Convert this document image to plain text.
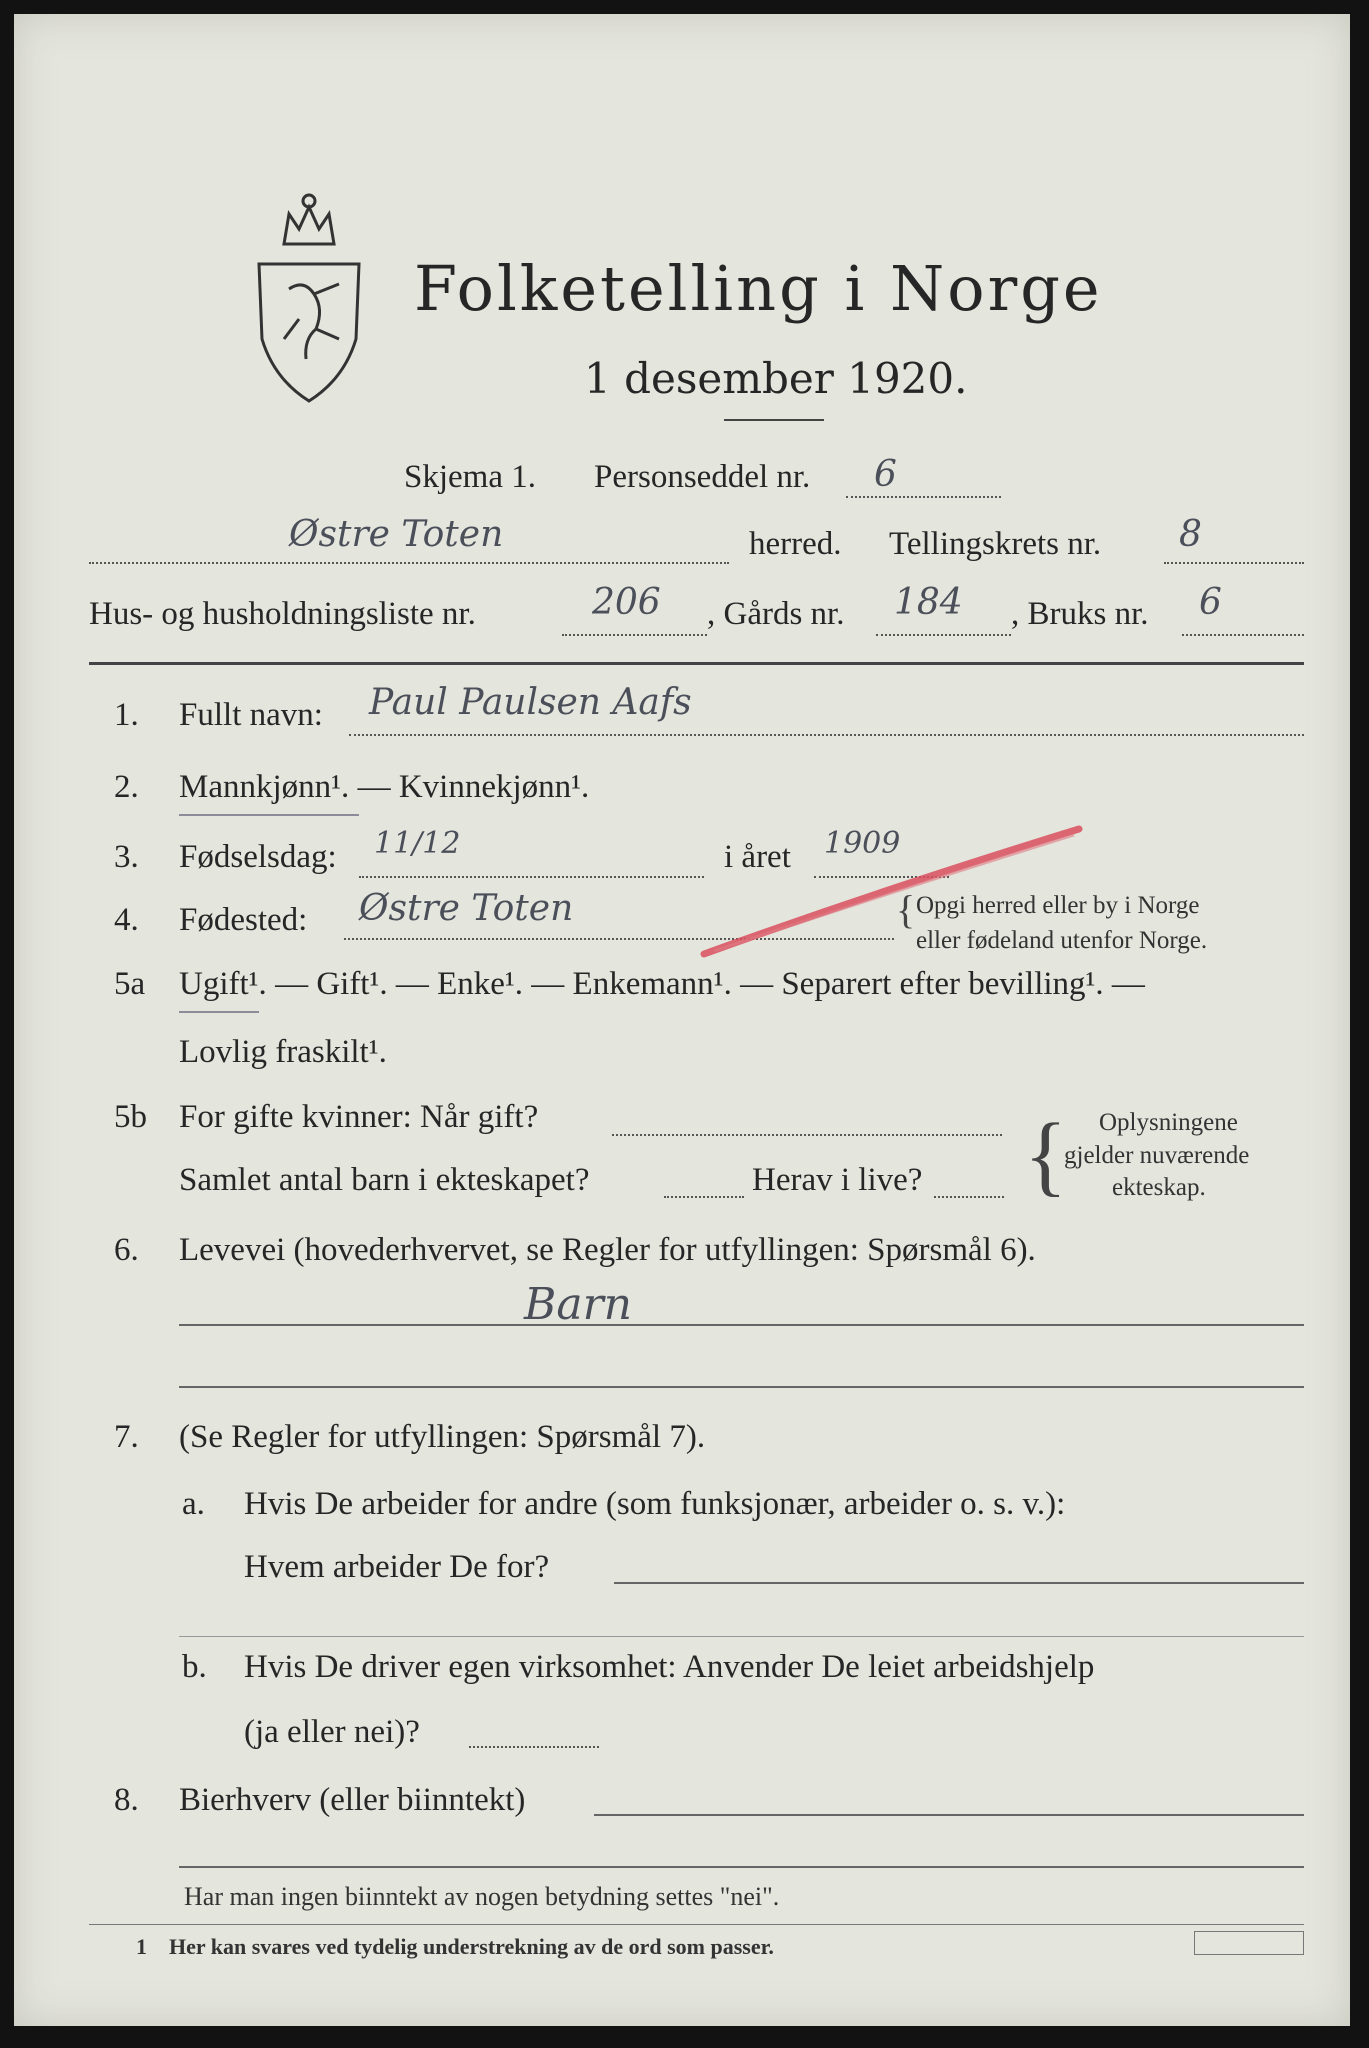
Folketelling i Norge
1 desember 1920.
Skjema 1. Personseddel nr. 6
Østre Toten	herred. Tellingskrets nr. 8
Hus- og husholdningsliste nr.	206 , Gårds nr. 184 , Bruks nr. 6
1. Fullt navn: Paul Paulsen Aafs
2. Mannkjønn¹. — Kvinnekjønn¹.
3. Fødselsdag: 11/12	i året 1909
4. Fødested: Østre Toten	{ Opgi herred eller by i Norge
eller fødeland utenfor Norge.
5a Ugift¹. — Gift¹. — Enke¹. — Enkemann¹. — Separert efter bevilling¹. —
Lovlig fraskilt¹.
5b For gifte kvinner: Når gift?
Samlet antal barn i ekteskapet?	Herav i live? { Oplysningene
gjelder nuværende
ekteskap.
6. Levevei (hovederhvervet, se Regler for utfyllingen: Spørsmål 6).
Barn
7. (Se Regler for utfyllingen: Spørsmål 7).
a. Hvis De arbeider for andre (som funksjonær, arbeider o. s. v.):
Hvem arbeider De for?
b. Hvis De driver egen virksomhet: Anvender De leiet arbeidshjelp
(ja eller nei)?
8. Bierhverv (eller biinntekt)
Har man ingen biinntekt av nogen betydning settes "nei".
1 Her kan svares ved tydelig understrekning av de ord som passer.
